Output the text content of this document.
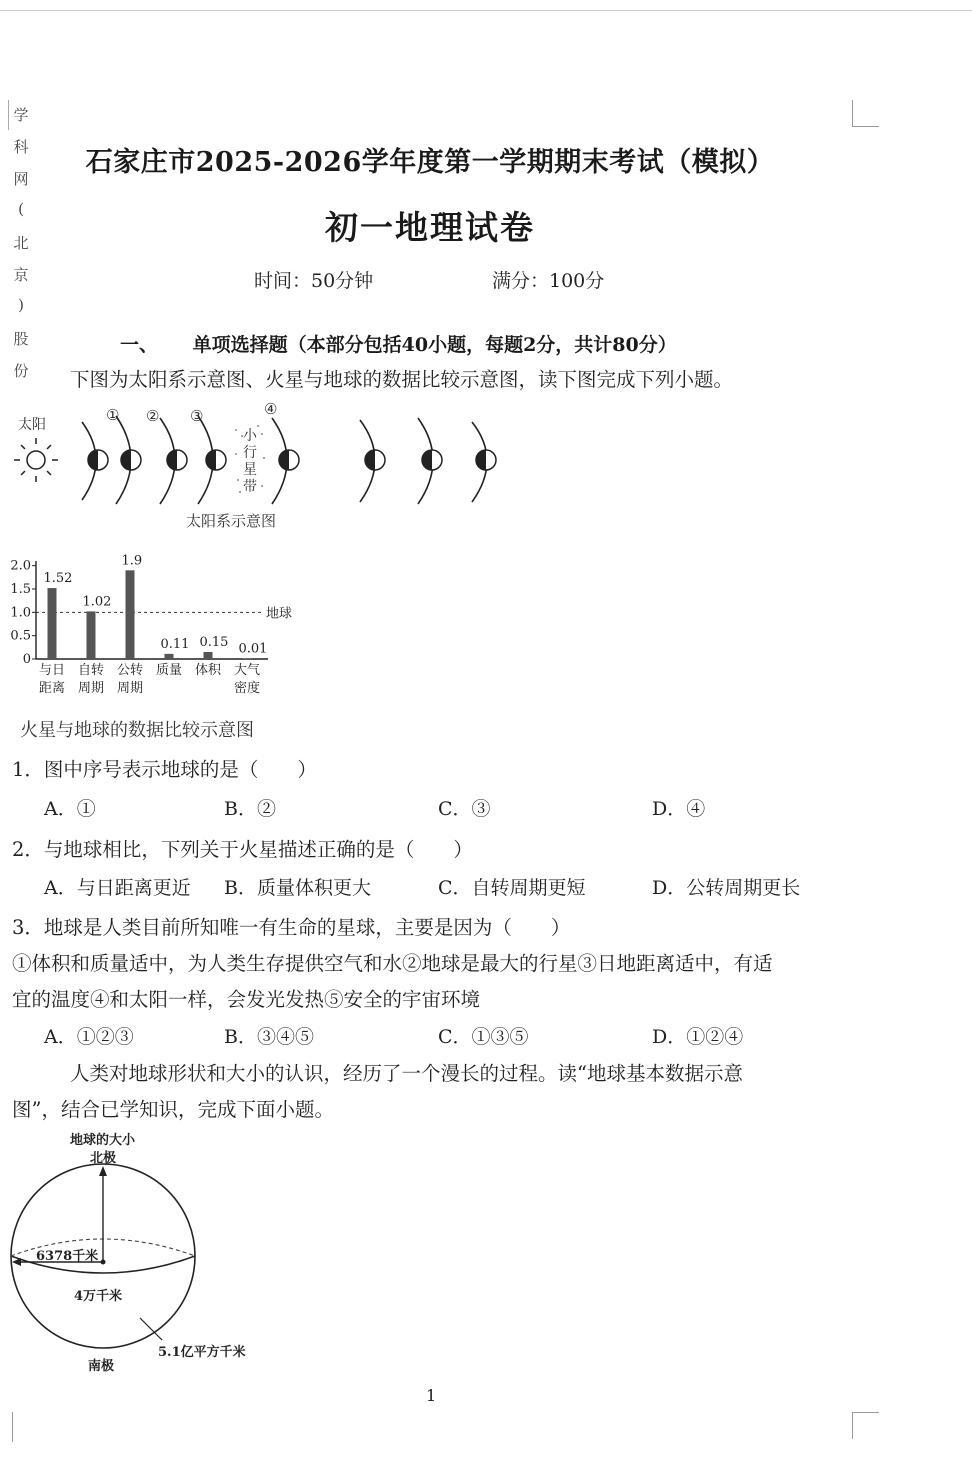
学
科
网
(
北
京
)
股
份
石家庄市2025-2026学年度第一学期期末考试（模拟）
初一地理试卷
时间：50分钟	满分：100分
一、 单项选择题（本部分包括40小题，每题2分，共计80分）
下图为太阳系示意图、火星与地球的数据比较示意图，读下图完成下列小题。
太阳
① ② ③	④
小 行 星 带
太阳系示意图
2.0
1.5
1.0
0.5
0
地球
1.52
与日
距离
1.02
自转
周期
1.9
公转
周期
0.11
质量
0.15
体积
0.01
大气
密度
火星与地球的数据比较示意图
1．图中序号表示地球的是（　　）
A．①	B．②	C．③	D．④
2．与地球相比，下列关于火星描述正确的是（　　）
A．与日距离更近 B．质量体积更大	C．自转周期更短	D．公转周期更长
3．地球是人类目前所知唯一有生命的星球，主要是因为（　　）
①体积和质量适中，为人类生存提供空气和水②地球是最大的行星③日地距离适中，有适
宜的温度④和太阳一样，会发光发热⑤安全的宇宙环境
A．①②③	B．③④⑤	C．①③⑤	D．①②④
人类对地球形状和大小的认识，经历了一个漫长的过程。读“地球基本数据示意
图”，结合已学知识，完成下面小题。
地球的大小
北极
6378千米
4万千米
5.1亿平方千米
南极
1
